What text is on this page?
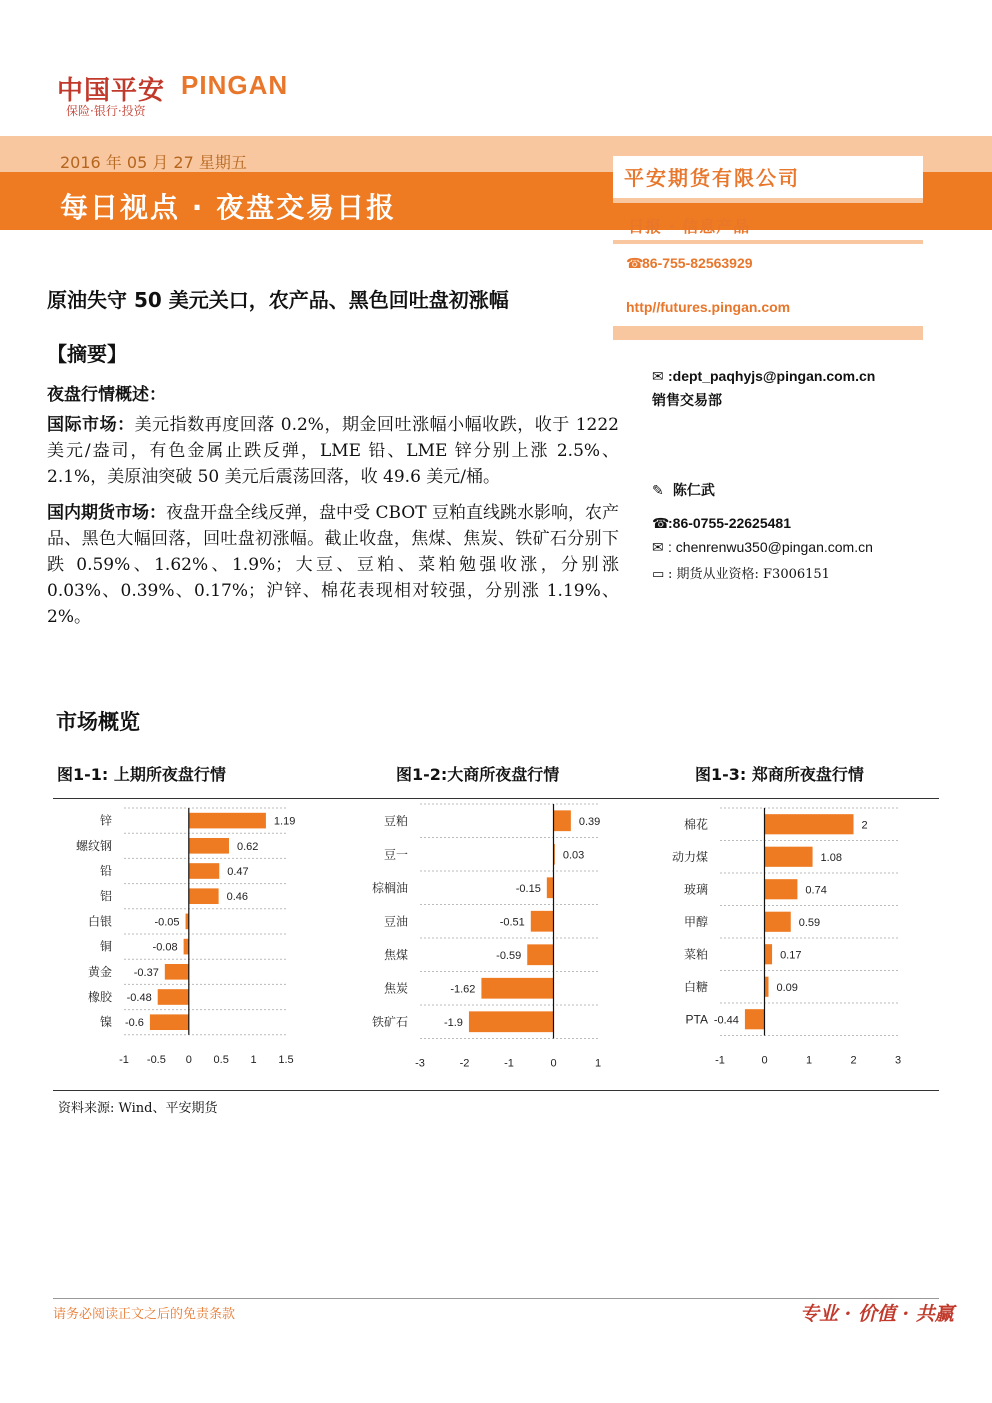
中国平安 PINGAN
保险·银行·投资
2016 年 05 月 27 星期五
每日视点 · 夜盘交易日报
平安期货有限公司
日报 · 信息产品
☎86-755-82563929
http//futures.pingan.com
原油失守 50 美元关口，农产品、黑色回吐盘初涨幅
【摘要】
夜盘行情概述：
国际市场：美元指数再度回落 0.2%，期金回吐涨幅小幅收跌，收于 1222 美元/盎司，有色金属止跌反弹，LME 铅、LME 锌分别上涨 2.5%、2.1%，美原油突破 50 美元后震荡回落，收 49.6 美元/桶。
国内期货市场：夜盘开盘全线反弹，盘中受 CBOT 豆粕直线跳水影响，农产品、黑色大幅回落，回吐盘初涨幅。截止收盘，焦煤、焦炭、铁矿石分别下跌 0.59%、1.62%、1.9%；大豆、豆粕、菜粕勉强收涨，分别涨 0.03%、0.39%、0.17%；沪锌、棉花表现相对较强，分别涨 1.19%、2%。
✉ :dept_paqhyjs@pingan.com.cn
销售交易部
✎ 陈仁武
☎:86-0755-22625481
✉ : chenrenwu350@pingan.com.cn
▭ : 期货从业资格: F3006151
市场概览
图1-1: 上期所夜盘行情	图1-2:大商所夜盘行情	图1-3: 郑商所夜盘行情
锌	1.19
螺纹钢	0.62
铅	0.47
铝	0.46
白银	-0.05
铜	-0.08
黄金 -0.37
橡胶 -0.48
镍 -0.6
-1 -0.5 0 0.5 1 1.5
豆粕	0.39
豆一	0.03
棕榈油	-0.15
豆油	-0.51
焦煤	-0.59
焦炭	-1.62
铁矿石	-1.9
-3	-2	-1	0	1
棉花	2
动力煤	1.08
玻璃	0.74
甲醇	0.59
菜粕	0.17
白糖	0.09
PTA -0.44
-1	0	1	2	3
资料来源: Wind、平安期货
请务必阅读正文之后的免责条款	专业 · 价值 · 共赢
